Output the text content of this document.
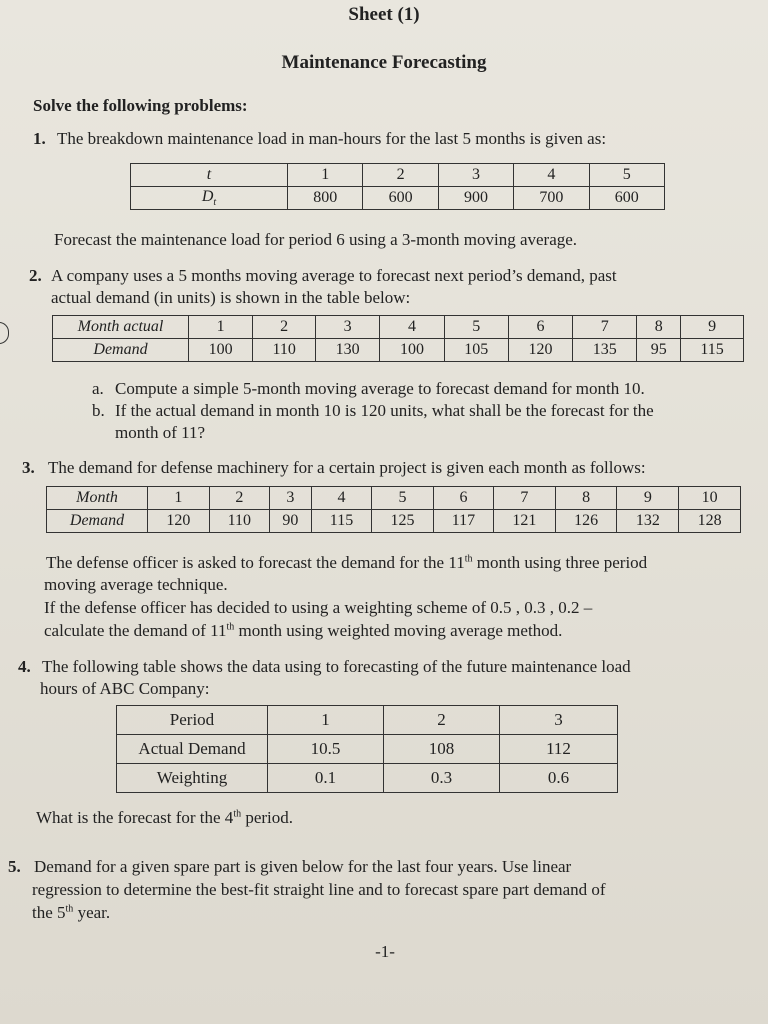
Sheet (1)
Maintenance Forecasting
Solve the following problems:
1. The breakdown maintenance load in man-hours for the last 5 months is given as:
t	1	2	3	4	5
$D_t$	800	600	900	700	600
Forecast the maintenance load for period 6 using a 3-month moving average.
2. A company uses a 5 months moving average to forecast next period’s demand, past
actual demand (in units) is shown in the table below:
Month actual	1	2	3	4	5	6	7	8	9
Demand	100	110	130	100	105	120	135	95	115
a. Compute a simple 5-month moving average to forecast demand for month 10.
b. If the actual demand in month 10 is 120 units, what shall be the forecast for the
month of 11?
3. The demand for defense machinery for a certain project is given each month as follows:
Month	1	2	3	4	5	6	7	8	9	10
Demand	120	110	90	115	125	117	121	126	132	128
The defense officer is asked to forecast the demand for the 11th month using three period
moving average technique.
If the defense officer has decided to using a weighting scheme of 0.5 , 0.3 , 0.2 –
calculate the demand of 11th month using weighted moving average method.
4. The following table shows the data using to forecasting of the future maintenance load
hours of ABC Company:
Period	1	2	3
Actual Demand	10.5	108	112
Weighting	0.1	0.3	0.6
What is the forecast for the 4th period.
5. Demand for a given spare part is given below for the last four years. Use linear
regression to determine the best-fit straight line and to forecast spare part demand of
the 5th year.
-1-
